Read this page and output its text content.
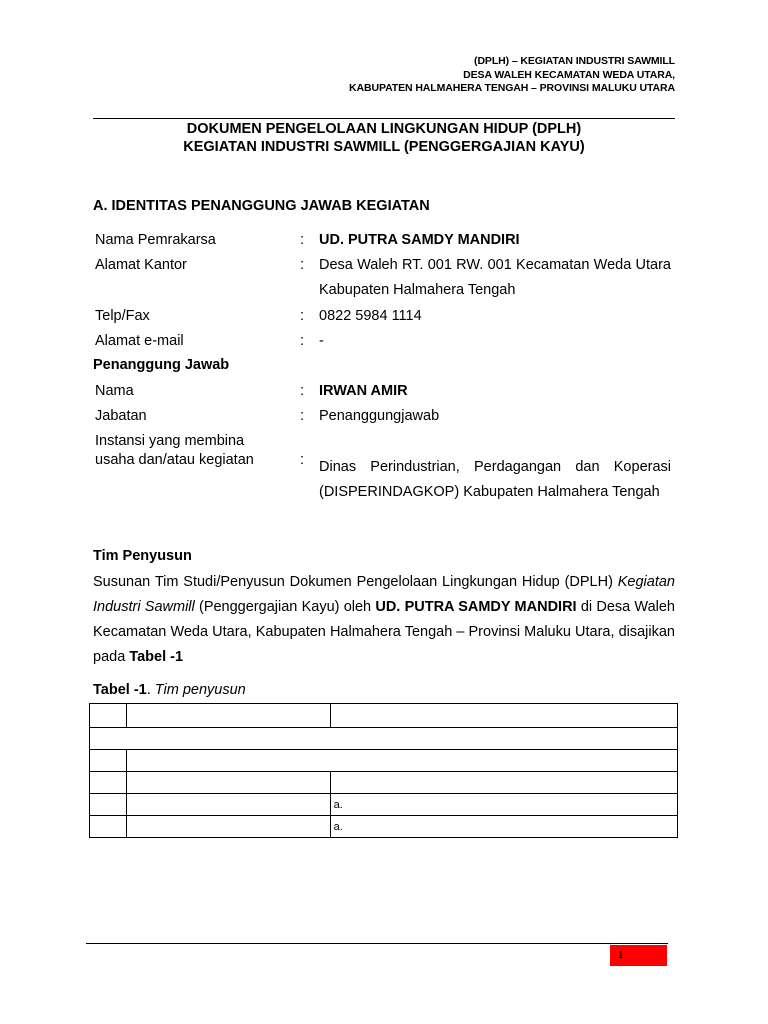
(DPLH) – KEGIATAN INDUSTRI SAWMILL
DESA WALEH KECAMATAN WEDA UTARA,
KABUPATEN HALMAHERA TENGAH – PROVINSI MALUKU UTARA
DOKUMEN PENGELOLAAN LINGKUNGAN HIDUP (DPLH)
KEGIATAN INDUSTRI SAWMILL (PENGGERGAJIAN KAYU)
A. IDENTITAS PENANGGUNG JAWAB KEGIATAN
Nama Pemrakarsa	: UD. PUTRA SAMDY MANDIRI
Alamat Kantor	: Desa Waleh RT. 001 RW. 001 Kecamatan Weda Utara Kabupaten Halmahera Tengah
Telp/Fax	: 0822 5984 1114
Alamat e-mail	: -
Penanggung Jawab
Nama	: IRWAN AMIR
Jabatan	: Penanggungjawab
Instansi yang membina
usaha dan/atau kegiatan	: Dinas Perindustrian, Perdagangan dan Koperasi (DISPERINDAGKOP) Kabupaten Halmahera Tengah
Tim Penyusun
Susunan Tim Studi/Penyusun Dokumen Pengelolaan Lingkungan Hidup (DPLH) Kegiatan Industri Sawmill (Penggergajian Kayu) oleh UD. PUTRA SAMDY MANDIRI di Desa Waleh Kecamatan Weda Utara, Kabupaten Halmahera Tengah – Provinsi Maluku Utara, disajikan pada Tabel -1
Tabel -1. Tim penyusun

		a.
		a.
1
